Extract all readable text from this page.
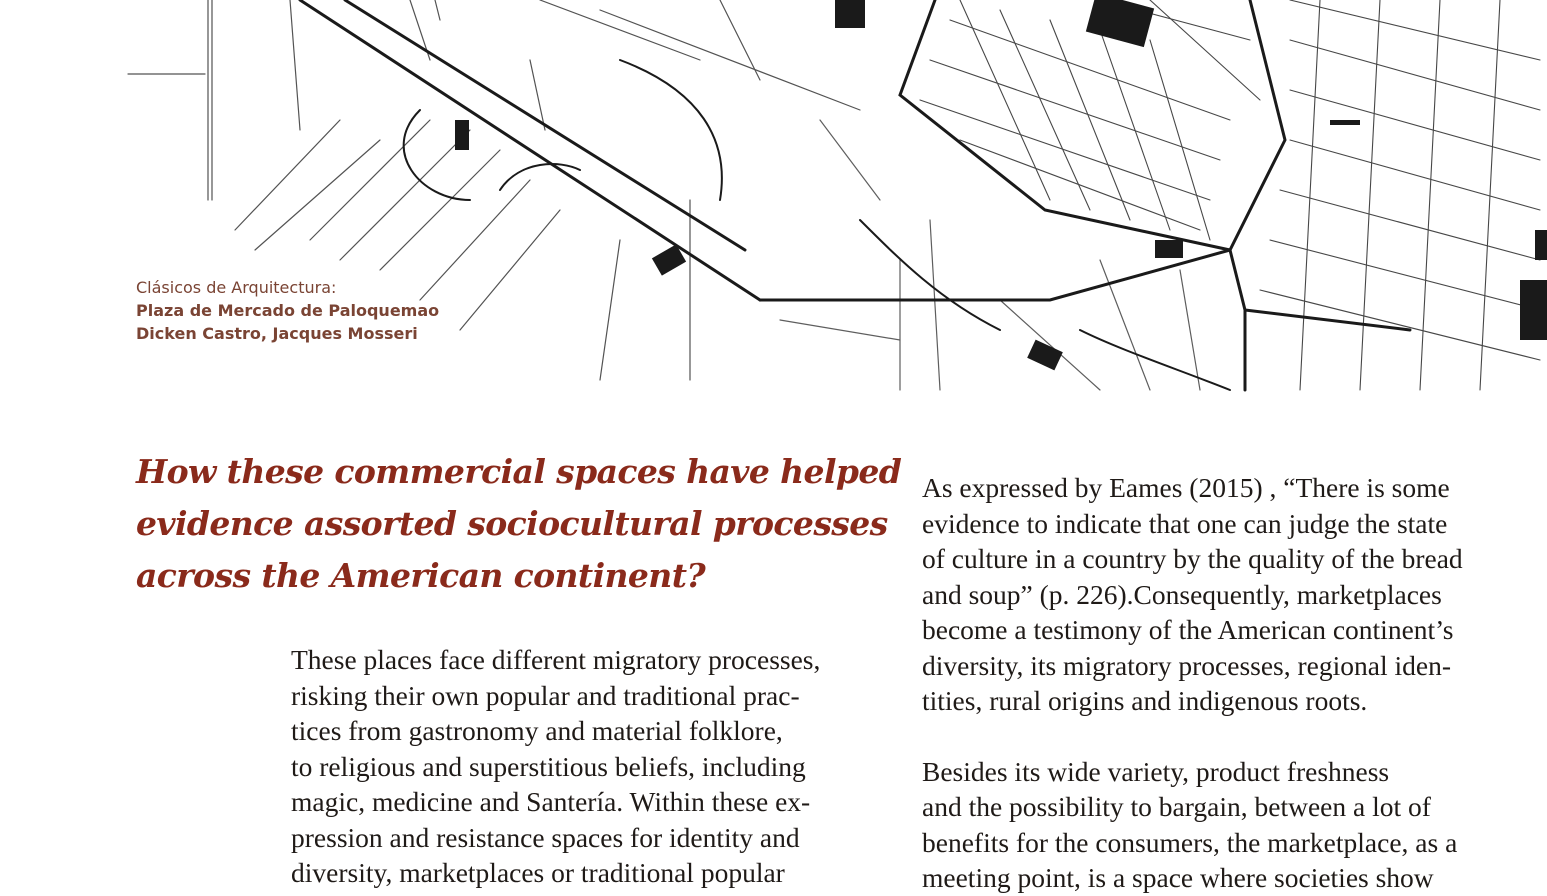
Clásicos de Arquitectura:
Plaza de Mercado de Paloquemao
Dicken Castro, Jacques Mosseri
How these commercial spaces have helped
evidence assorted sociocultural processes
across the American continent?

These places face different migratory processes,
risking their own popular and traditional prac-
tices from gastronomy and material folklore,
to religious and superstitious beliefs, including
magic, medicine and Santería. Within these ex-
pression and resistance spaces for identity and
diversity, marketplaces or traditional popular

As expressed by Eames (2015) , “There is some
evidence to indicate that one can judge the state
of culture in a country by the quality of the bread
and soup” (p. 226).Consequently, marketplaces
become a testimony of the American continent’s
diversity, its migratory processes, regional iden-
tities, rural origins and indigenous roots.

Besides its wide variety, product freshness
and the possibility to bargain, between a lot of
benefits for the consumers, the marketplace, as a
meeting point, is a space where societies show
